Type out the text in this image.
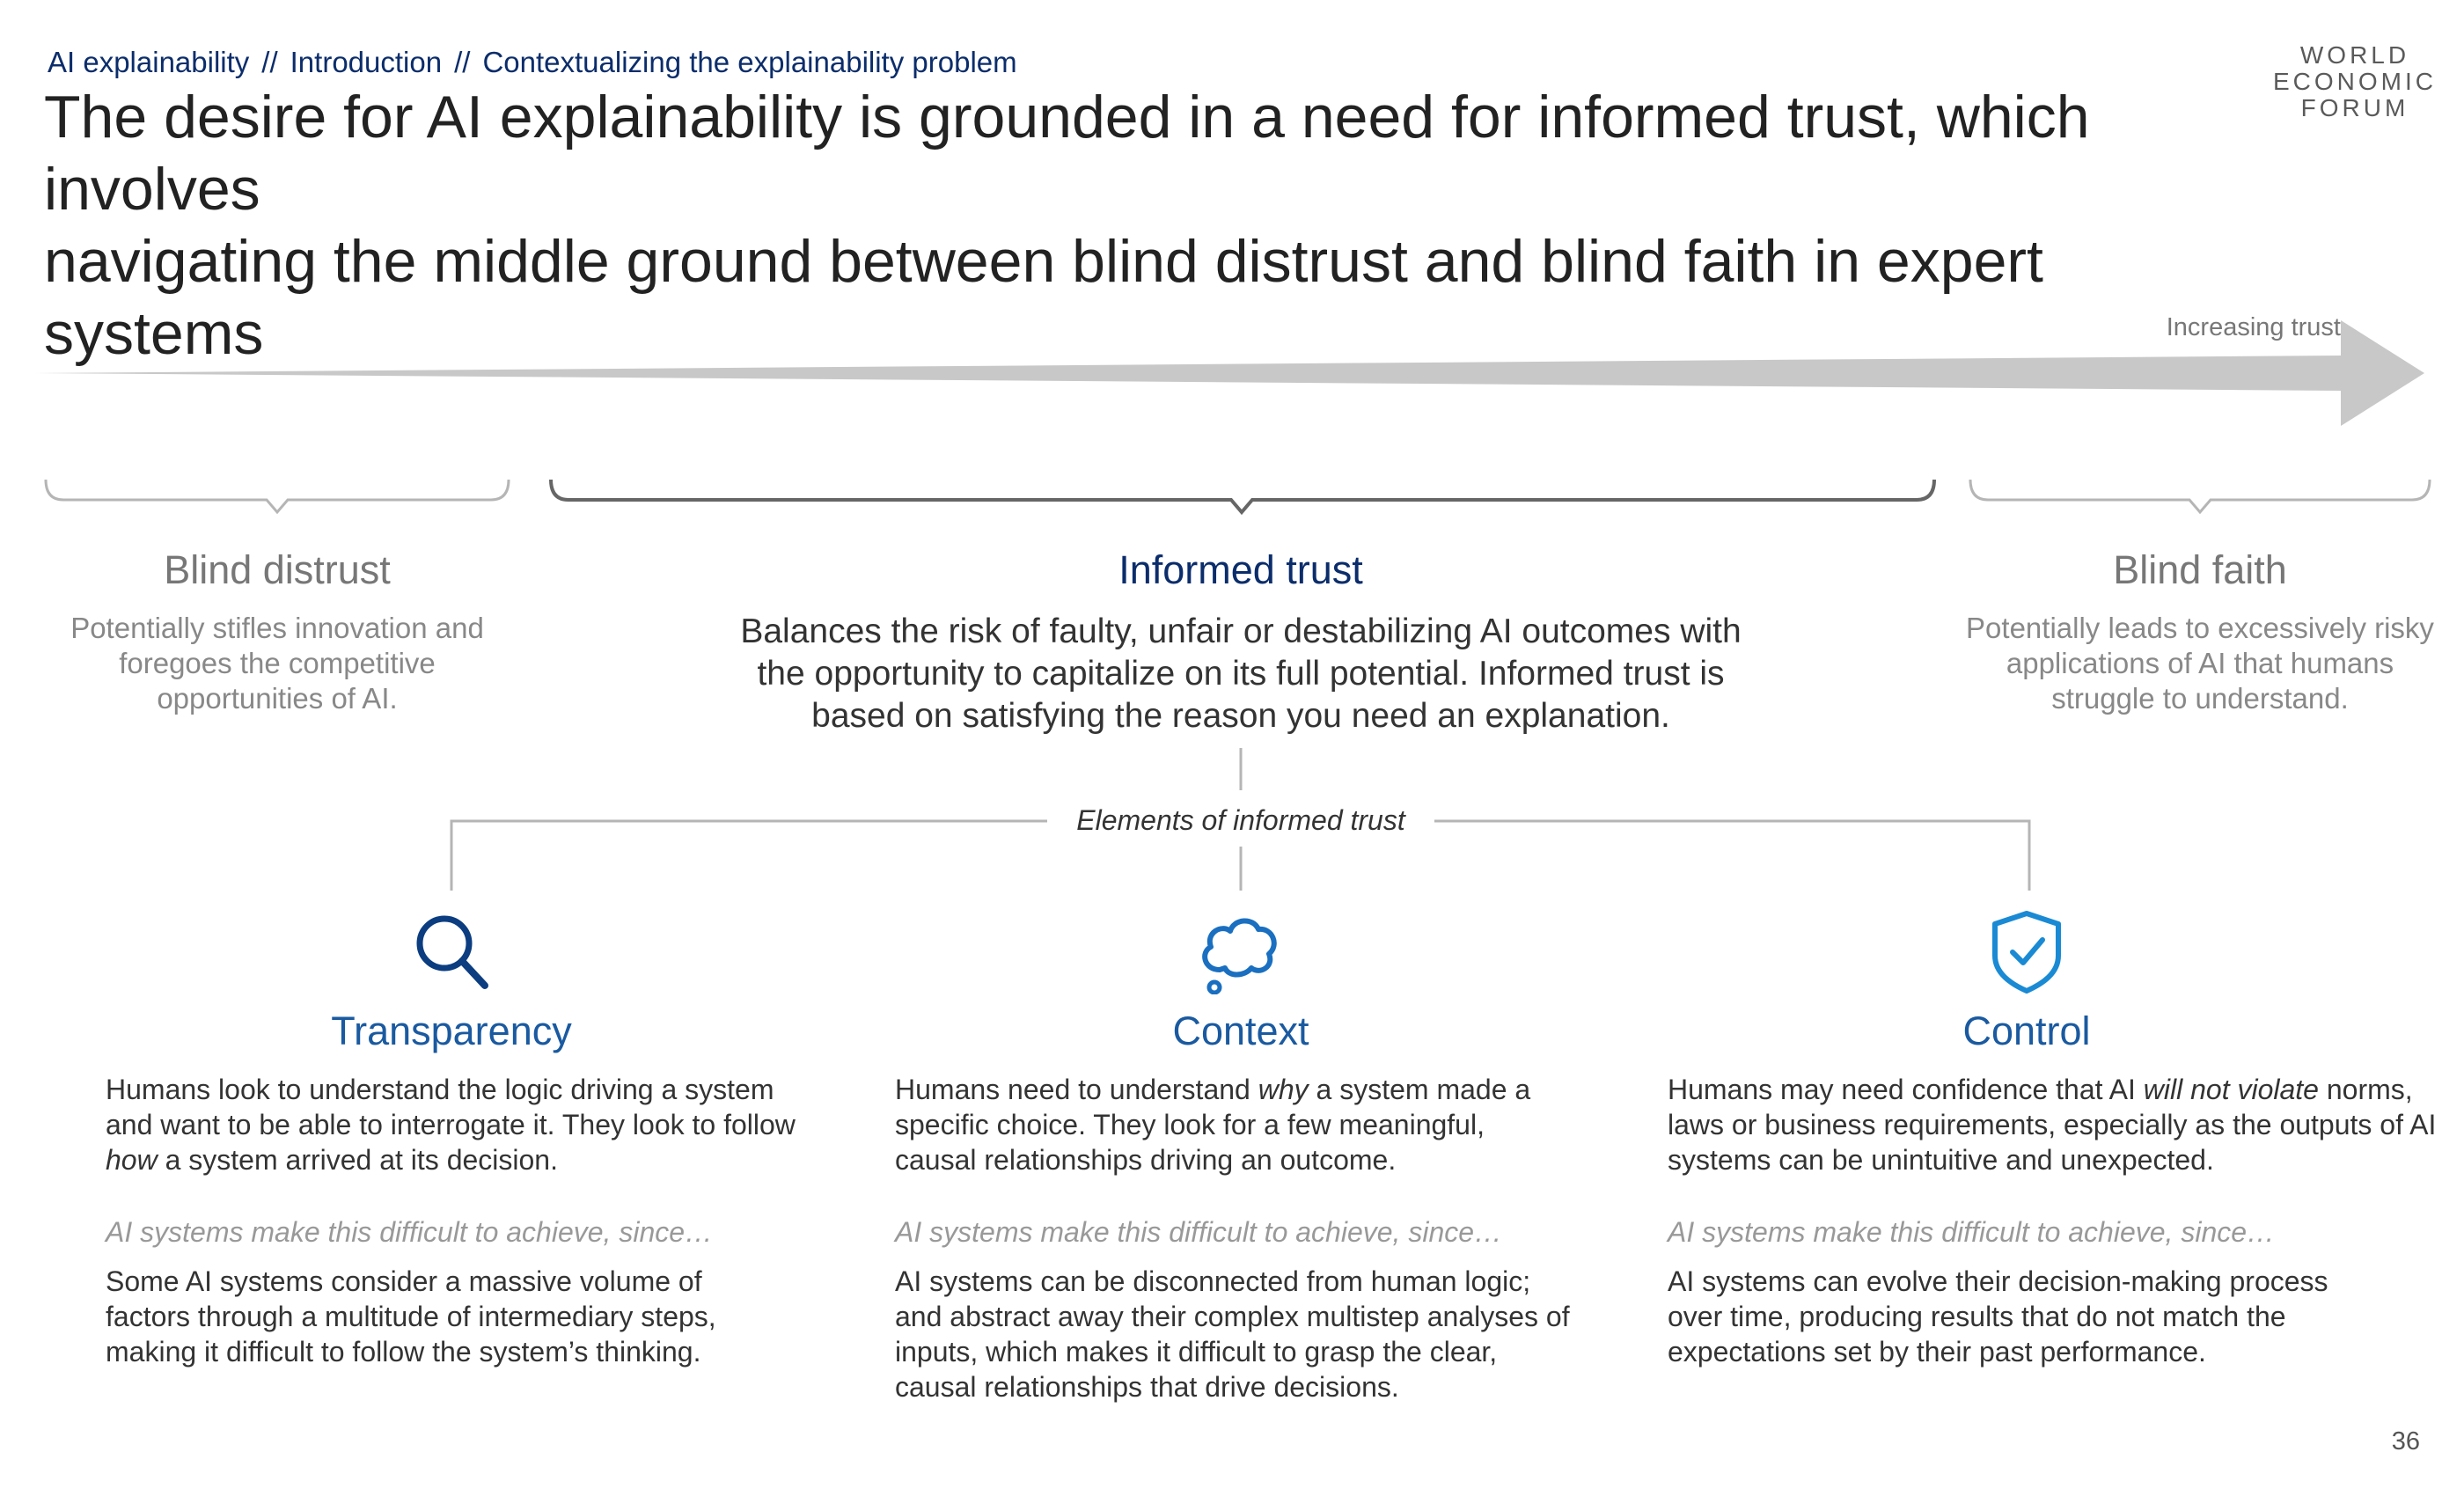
AI explainability // Introduction // Contextualizing the explainability problem
The desire for AI explainability is grounded in a need for informed trust, which involves
navigating the middle ground between blind distrust and blind faith in expert systems
WORLD
ECONOMIC
FORUM
Increasing trust
Blind distrust
Potentially stifles innovation and foregoes the competitive opportunities of AI.
Informed trust
Balances the risk of faulty, unfair or destabilizing AI outcomes with the opportunity to capitalize on its full potential. Informed trust is based on satisfying the reason you need an explanation.
Blind faith
Potentially leads to excessively risky applications of AI that humans struggle to understand.
Elements of informed trust
Transparency
Humans look to understand the logic driving a system and want to be able to interrogate it. They look to follow how a system arrived at its decision.
AI systems make this difficult to achieve, since…
Some AI systems consider a massive volume of factors through a multitude of intermediary steps, making it difficult to follow the system’s thinking.
Context
Humans need to understand why a system made a specific choice. They look for a few meaningful, causal relationships driving an outcome.
AI systems make this difficult to achieve, since…
AI systems can be disconnected from human logic; and abstract away their complex multistep analyses of inputs, which makes it difficult to grasp the clear, causal relationships that drive decisions.
Control
Humans may need confidence that AI will not violate norms, laws or business requirements, especially as the outputs of AI systems can be unintuitive and unexpected.
AI systems make this difficult to achieve, since…
AI systems can evolve their decision-making process over time, producing results that do not match the expectations set by their past performance.
36
